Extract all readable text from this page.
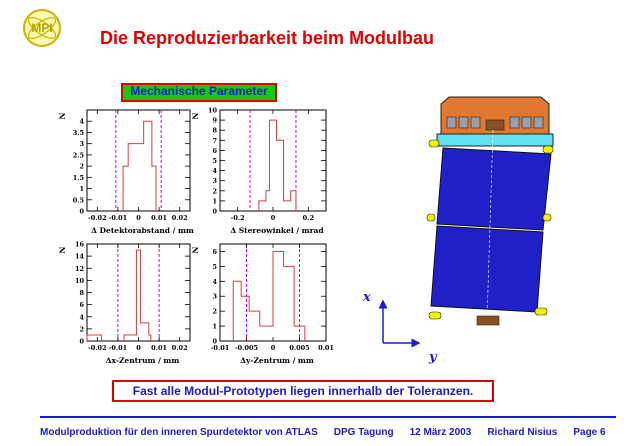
MPI	Die Reproduzierbarkeit beim Modulbau
Mechanische Parameter
-0.02 -0.01 0 0.01 0.02
0
0.5
1
1.5
2
2.5
3
3.5
4
N
Δ Detektorabstand / mm
-0.2	0	0.2
0
1
2
3
4
5
6
7
8
9
10
N
Δ Stereowinkel / mrad
-0.02 -0.01 0 0.01 0.02
0
2
4
6
8
10
12
14
16
N
Δx-Zentrum / mm
-0.01 -0.005 0 0.005 0.01
0
1
2
3
4
5
6
N
Δy-Zentrum / mm
x
y
Fast alle Modul-Prototypen liegen innerhalb der Toleranzen.
Modulproduktion für den inneren Spurdetektor von ATLAS DPG Tagung 12 März 2003 Richard Nisius Page 6
